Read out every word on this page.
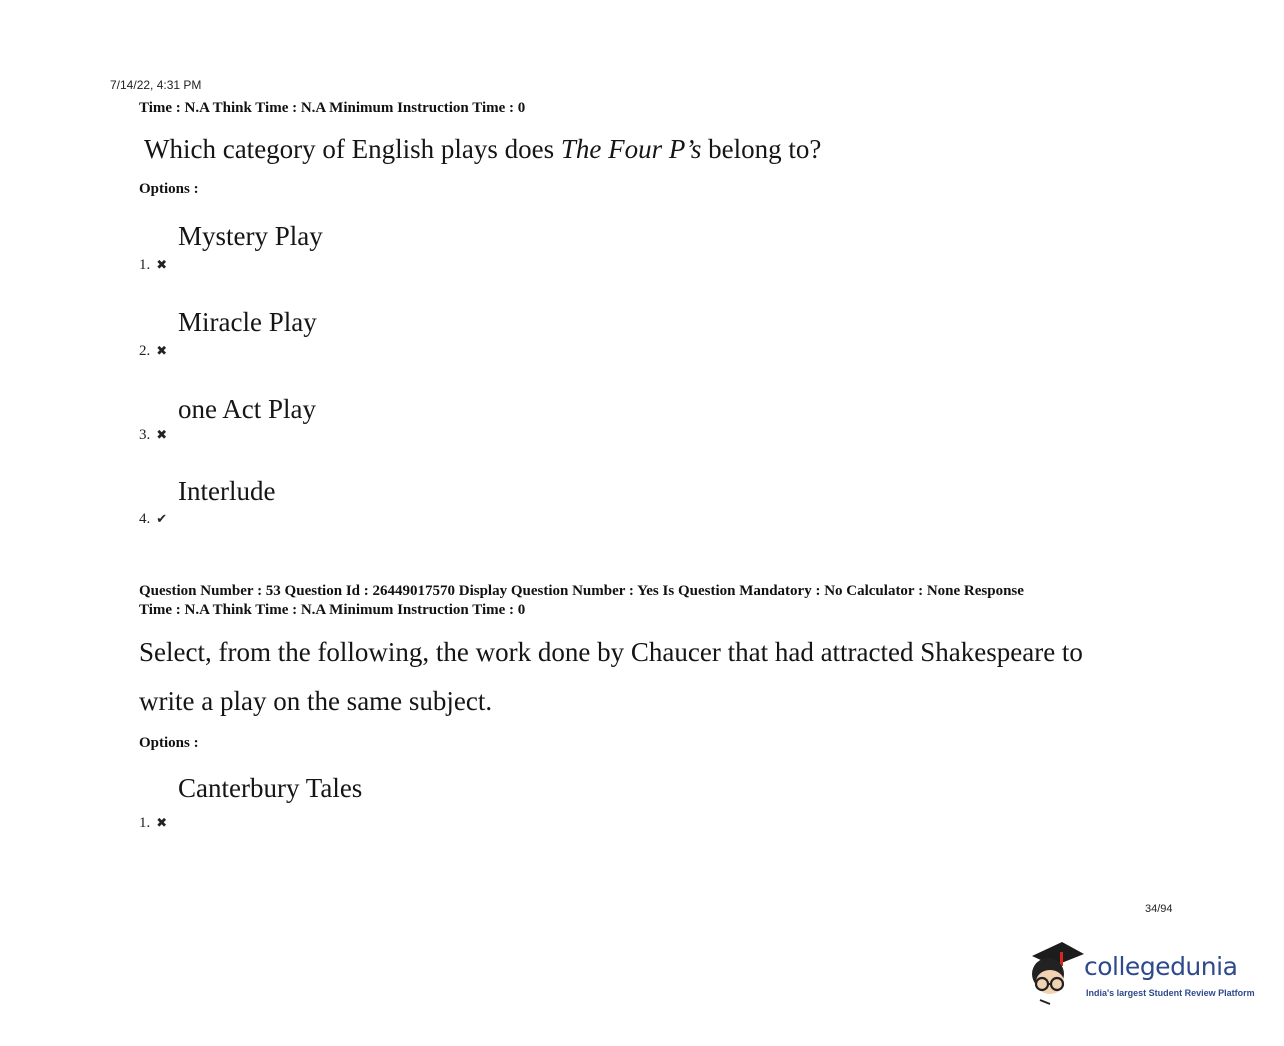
7/14/22, 4:31 PM
Time : N.A Think Time : N.A Minimum Instruction Time : 0
Which category of English plays does The Four P’s belong to?
Options :
Mystery Play
1. ✖
Miracle Play
2. ✖
one Act Play
3. ✖
Interlude
4. ✔
Question Number : 53 Question Id : 26449017570 Display Question Number : Yes Is Question Mandatory : No Calculator : None Response
Time : N.A Think Time : N.A Minimum Instruction Time : 0
Select, from the following, the work done by Chaucer that had attracted Shakespeare to
write a play on the same subject.
Options :
Canterbury Tales
1. ✖
34/94
collegedunia
India's largest Student Review Platform
